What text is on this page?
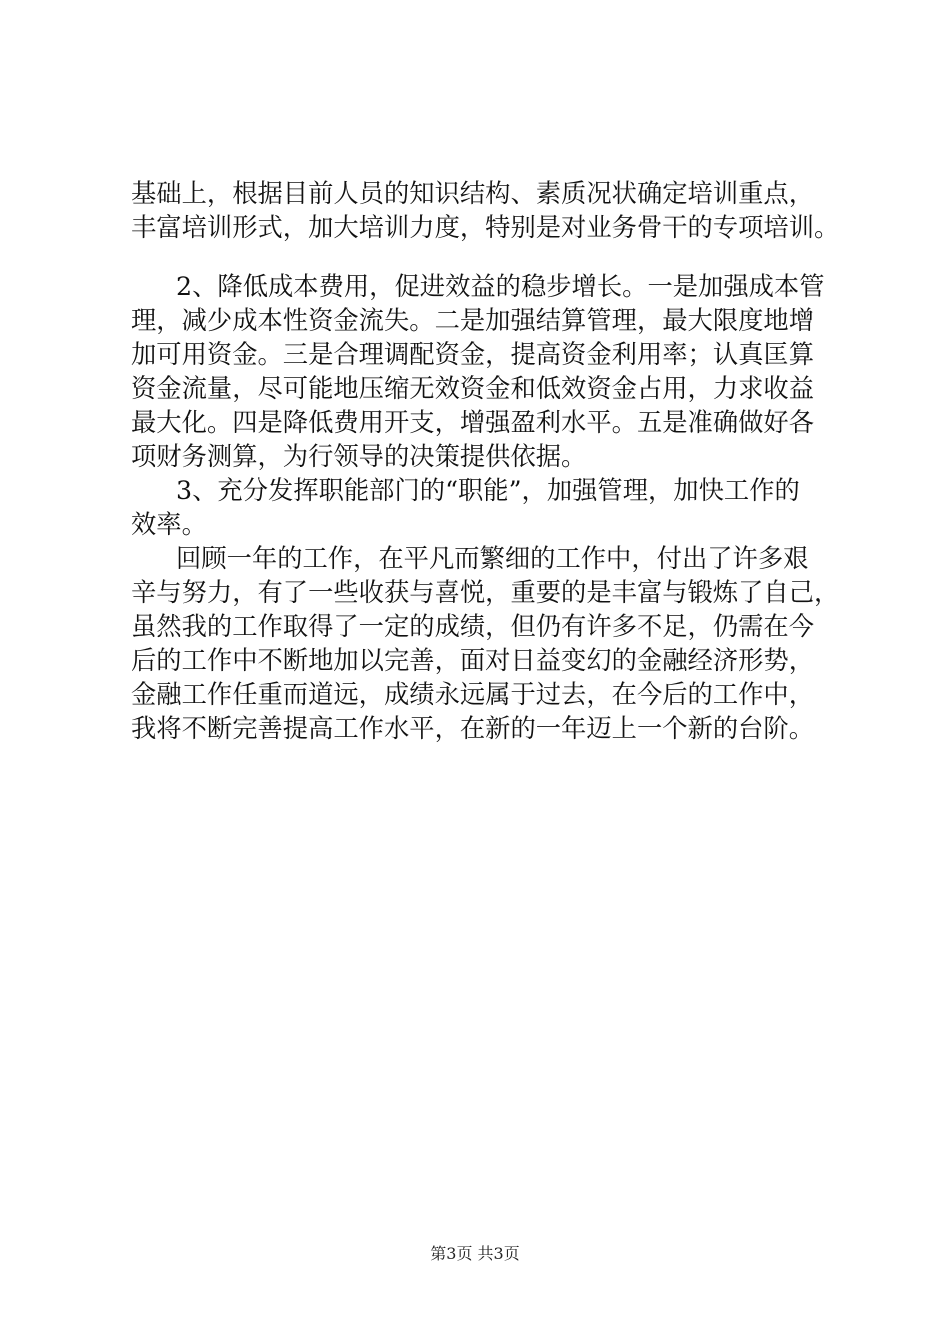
基础上，根据目前人员的知识结构、素质况状确定培训重点，
丰富培训形式，加大培训力度，特别是对业务骨干的专项培训。
2、降低成本费用，促进效益的稳步增长。一是加强成本管
理，减少成本性资金流失。二是加强结算管理，最大限度地增
加可用资金。三是合理调配资金，提高资金利用率；认真匡算
资金流量，尽可能地压缩无效资金和低效资金占用，力求收益
最大化。四是降低费用开支，增强盈利水平。五是准确做好各
项财务测算，为行领导的决策提供依据。
3、充分发挥职能部门的“职能”，加强管理，加快工作的
效率。
回顾一年的工作，在平凡而繁细的工作中，付出了许多艰
辛与努力，有了一些收获与喜悦，重要的是丰富与锻炼了自己，
虽然我的工作取得了一定的成绩，但仍有许多不足，仍需在今
后的工作中不断地加以完善，面对日益变幻的金融经济形势，
金融工作任重而道远，成绩永远属于过去，在今后的工作中，
我将不断完善提高工作水平，在新的一年迈上一个新的台阶。
第3页 共3页
